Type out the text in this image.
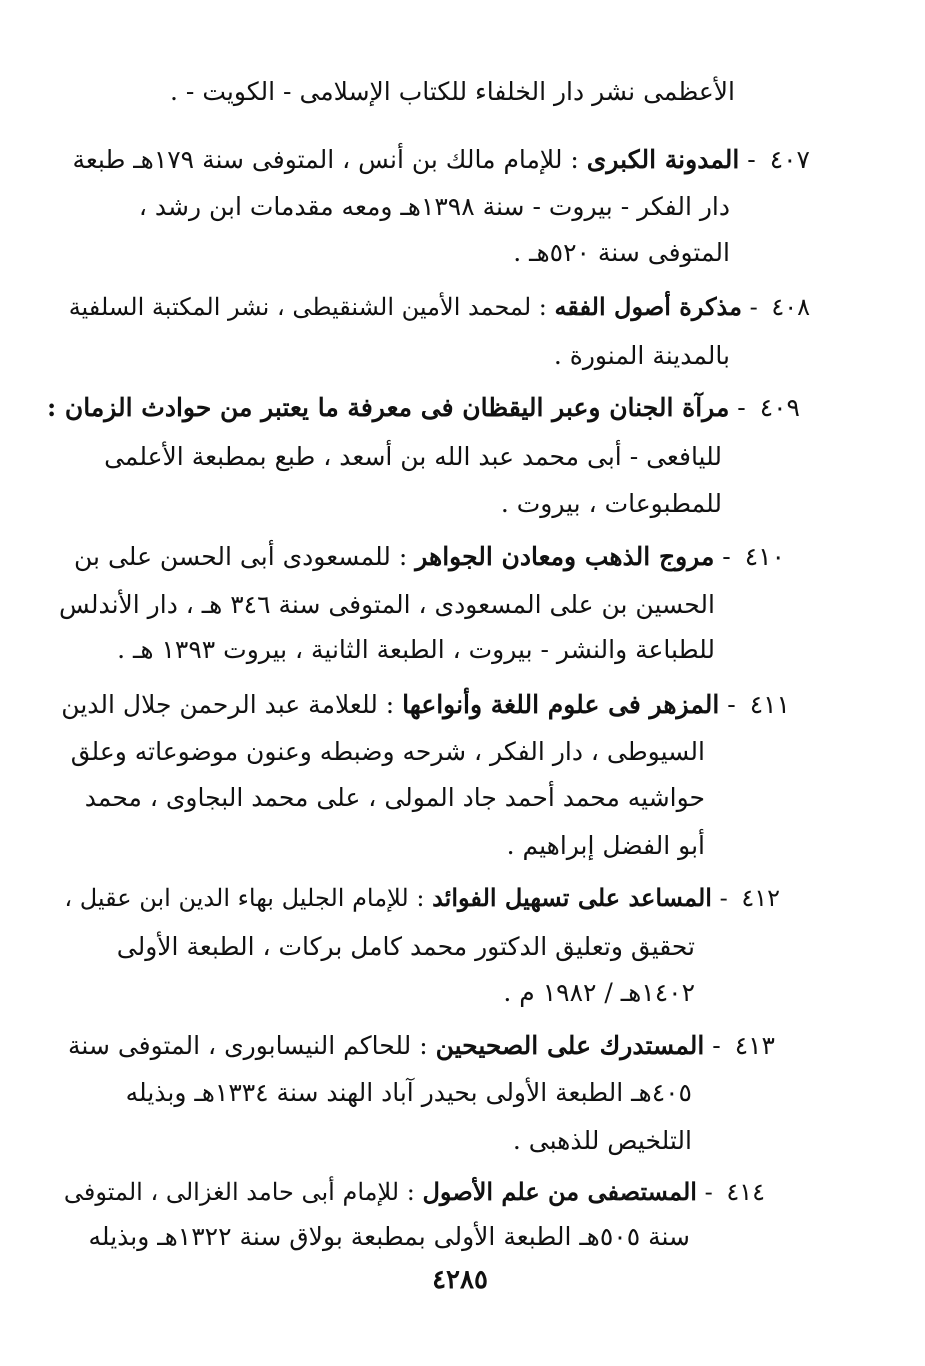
الأعظمى نشر دار الخلفاء للكتاب الإسلامى - الكويت - .
٤٠٧ - المدونة الكبرى : للإمام مالك بن أنس ، المتوفى سنة ١٧٩هـ طبعة
دار الفكر - بيروت - سنة ١٣٩٨هـ ومعه مقدمات ابن رشد ،
المتوفى سنة ٥٢٠هـ .
٤٠٨ - مذكرة أصول الفقه : لمحمد الأمين الشنقيطى ، نشر المكتبة السلفية
بالمدينة المنورة .
٤٠٩ - مرآة الجنان وعبر اليقظان فى معرفة ما يعتبر من حوادث الزمان :
لليافعى - أبى محمد عبد الله بن أسعد ، طبع بمطبعة الأعلمى
للمطبوعات ، بيروت .
٤١٠ - مروج الذهب ومعادن الجواهر : للمسعودى أبى الحسن على بن
الحسين بن على المسعودى ، المتوفى سنة ٣٤٦ هـ ، دار الأندلس
للطباعة والنشر - بيروت ، الطبعة الثانية ، بيروت ١٣٩٣ هـ .
٤١١ - المزهر فى علوم اللغة وأنواعها : للعلامة عبد الرحمن جلال الدين
السيوطى ، دار الفكر ، شرحه وضبطه وعنون موضوعاته وعلق
حواشيه محمد أحمد جاد المولى ، على محمد البجاوى ، محمد
أبو الفضل إبراهيم .
٤١٢ - المساعد على تسهيل الفوائد : للإمام الجليل بهاء الدين ابن عقيل ،
تحقيق وتعليق الدكتور محمد كامل بركات ، الطبعة الأولى
١٤٠٢هـ / ١٩٨٢ م .
٤١٣ - المستدرك على الصحيحين : للحاكم النيسابورى ، المتوفى سنة
٤٠٥هـ الطبعة الأولى بحيدر آباد الهند سنة ١٣٣٤هـ وبذيله
التلخيص للذهبى .
٤١٤ - المستصفى من علم الأصول : للإمام أبى حامد الغزالى ، المتوفى
سنة ٥٠٥هـ الطبعة الأولى بمطبعة بولاق سنة ١٣٢٢هـ وبذيله
٤٢٨٥
